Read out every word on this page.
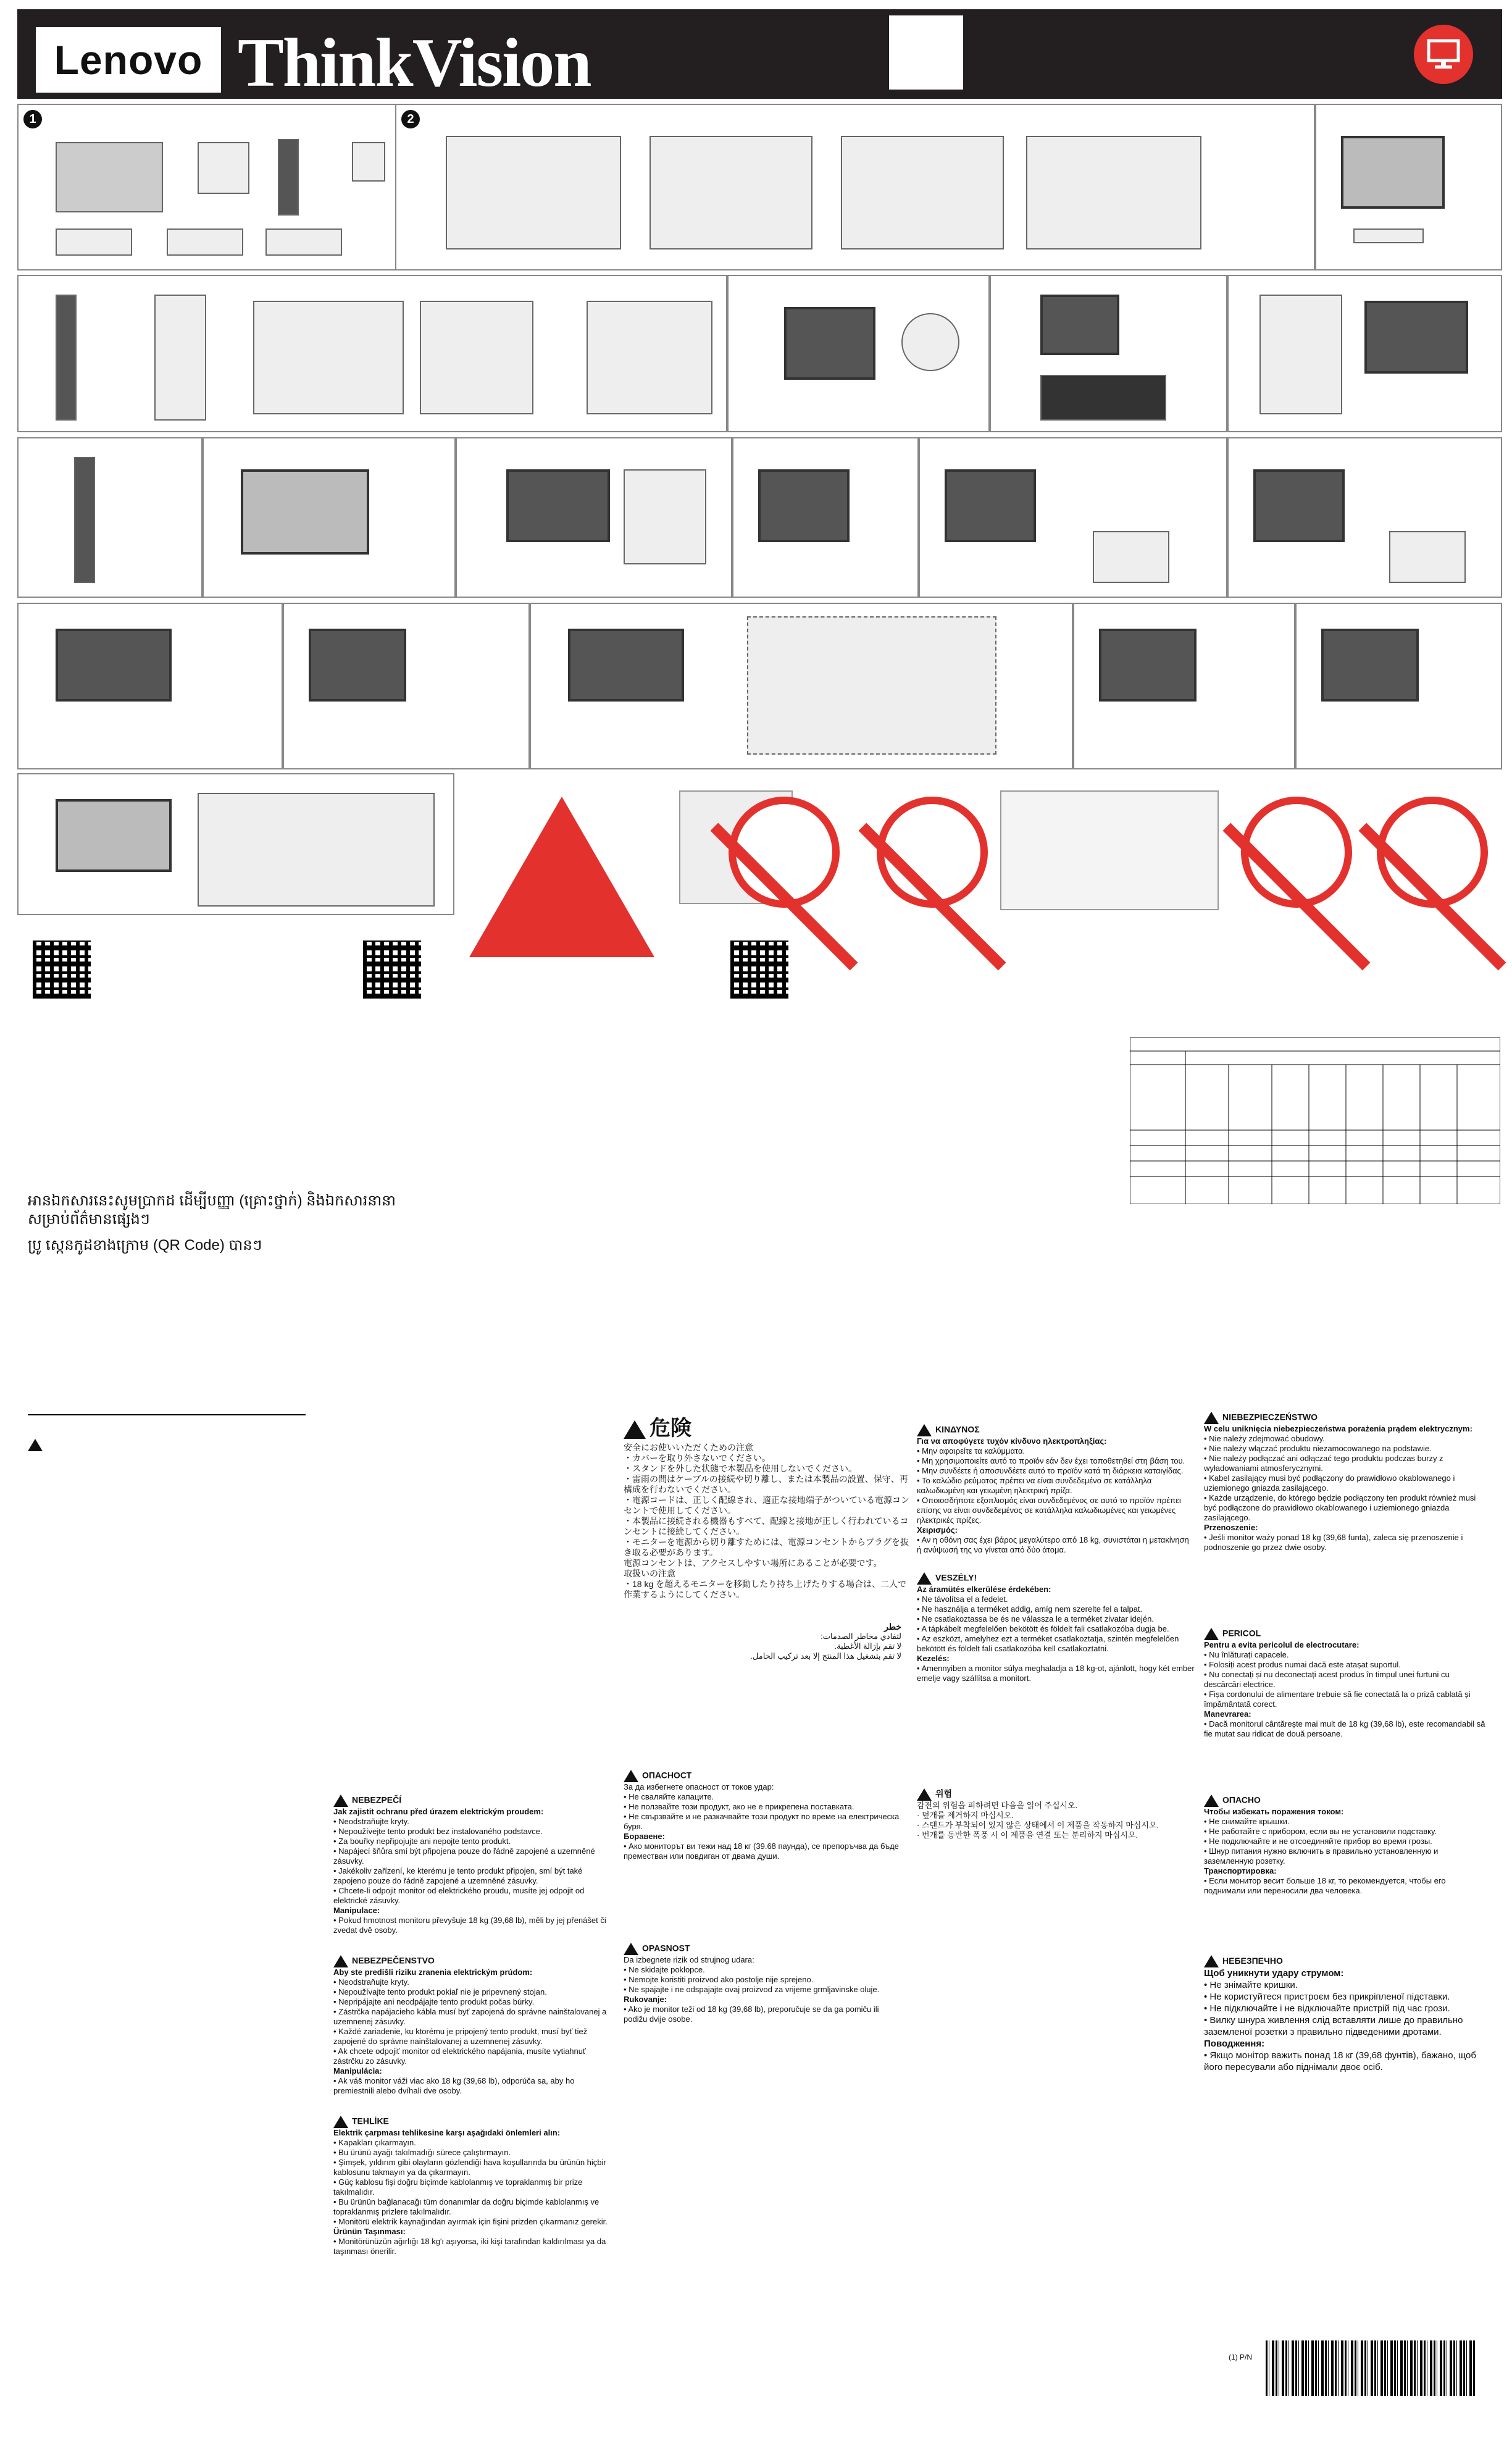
Lenovo ThinkVision
1	2
អានឯកសារនេះសូមប្រាកដ ដើម្បីបញ្ញា (គ្រោះថ្នាក់) និងឯកសារនានា
សម្រាប់ព័ត៌មានផ្សេងៗ
ប្រូ ស្កេនកូដខាងក្រោម (QR Code) បានៗ
危険
安全にお使いいただくための注意
・カバーを取り外さないでください。
・スタンドを外した状態で本製品を使用しないでください。
・雷雨の間はケーブルの接続や切り離し、または本製品の設置、保守、再構成を行わないでください。
・電源コードは、正しく配線され、適正な接地端子がついている電源コンセントで使用してください。
・本製品に接続される機器もすべて、配線と接地が正しく行われているコンセントに接続してください。
・モニターを電源から切り離すためには、電源コンセントからプラグを抜き取る必要があります。
電源コンセントは、アクセスしやすい場所にあることが必要です。
取扱いの注意
・18 kg を超えるモニターを移動したり持ち上げたりする場合は、二人で作業するようにしてください。
خطر
لتفادي مخاطر الصدمات:
لا تقم بإزالة الأغطية.
لا تقم بتشغيل هذا المنتج إلا بعد تركيب الحامل.
NEBEZPEČÍ
Jak zajistit ochranu před úrazem elektrickým proudem:
• Neodstraňujte kryty.
• Nepoužívejte tento produkt bez instalovaného podstavce.
• Za bouřky nepřipojujte ani nepojte tento produkt.
• Napájecí šňůra smí být připojena pouze do řádně zapojené a uzemněné zásuvky.
• Jakékoliv zařízení, ke kterému je tento produkt připojen, smí být také zapojeno pouze do řádně zapojené a uzemněné zásuvky.
• Chcete-li odpojit monitor od elektrického proudu, musíte jej odpojit od elektrické zásuvky.
Manipulace:
• Pokud hmotnost monitoru převyšuje 18 kg (39,68 lb), měli by jej přenášet či zvedat dvě osoby.
NEBEZPEČENSTVO
Aby ste predišli riziku zranenia elektrickým prúdom:
• Neodstraňujte kryty.
• Nepoužívajte tento produkt pokiaľ nie je pripevnený stojan.
• Nepripájajte ani neodpájajte tento produkt počas búrky.
• Zástrčka napájacieho kábla musí byť zapojená do správne nainštalovanej a uzemnenej zásuvky.
• Každé zariadenie, ku ktorému je pripojený tento produkt, musí byť tiež zapojené do správne nainštalovanej a uzemnenej zásuvky.
• Ak chcete odpojiť monitor od elektrického napájania, musíte vytiahnuť zástrčku zo zásuvky.
Manipulácia:
• Ak váš monitor váži viac ako 18 kg (39,68 lb), odporúča sa, aby ho premiestnili alebo dvíhali dve osoby.
TEHLİKE
Elektrik çarpması tehlikesine karşı aşağıdaki önlemleri alın:
• Kapakları çıkarmayın.
• Bu ürünü ayağı takılmadığı sürece çalıştırmayın.
• Şimşek, yıldırım gibi olayların gözlendiği hava koşullarında bu ürünün hiçbir kablosunu takmayın ya da çıkarmayın.
• Güç kablosu fişi doğru biçimde kablolanmış ve topraklanmış bir prize takılmalıdır.
• Bu ürünün bağlanacağı tüm donanımlar da doğru biçimde kablolanmış ve topraklanmış prizlere takılmalıdır.
• Monitörü elektrik kaynağından ayırmak için fişini prizden çıkarmanız gerekir.
Ürünün Taşınması:
• Monitörünüzün ağırlığı 18 kg'ı aşıyorsa, iki kişi tarafından kaldırılması ya da taşınması önerilir.
ОПАСНОСТ
За да избегнете опасност от токов удар:
• Не сваляйте капаците.
• Не ползвайте този продукт, ако не е прикрепена поставката.
• Не свързвайте и не разкачвайте този продукт по време на електрическа буря.
Боравене:
• Ако мониторът ви тежи над 18 кг (39.68 паунда), се препоръчва да бъде преместван или повдиган от двама души.
OPASNOST
Da izbegnete rizik od strujnog udara:
• Ne skidajte poklopce.
• Nemojte koristiti proizvod ako postolje nije sprejeno.
• Ne spajajte i ne odspajajte ovaj proizvod za vrijeme grmljavinske oluje.
Rukovanje:
• Ako je monitor teži od 18 kg (39,68 lb), preporučuje se da ga pomiču ili podižu dvije osobe.
ΚΙΝΔΥΝΟΣ
Για να αποφύγετε τυχόν κίνδυνο ηλεκτροπληξίας:
• Μην αφαιρείτε τα καλύμματα.
• Μη χρησιμοποιείτε αυτό το προϊόν εάν δεν έχει τοποθετηθεί στη βάση του.
• Μην συνδέετε ή αποσυνδέετε αυτό το προϊόν κατά τη διάρκεια καταιγίδας.
• Το καλώδιο ρεύματος πρέπει να είναι συνδεδεμένο σε κατάλληλα καλωδιωμένη και γειωμένη ηλεκτρική πρίζα.
• Οποιοσδήποτε εξοπλισμός είναι συνδεδεμένος σε αυτό το προϊόν πρέπει επίσης να είναι συνδεδεμένος σε κατάλληλα καλωδιωμένες και γειωμένες ηλεκτρικές πρίζες.
Χειρισμός:
• Αν η οθόνη σας έχει βάρος μεγαλύτερο από 18 kg, συνιστάται η μετακίνηση ή ανύψωσή της να γίνεται από δύο άτομα.
VESZÉLY!
Az áramütés elkerülése érdekében:
• Ne távolítsa el a fedelet.
• Ne használja a terméket addig, amíg nem szerelte fel a talpat.
• Ne csatlakoztassa be és ne válassza le a terméket zivatar idején.
• A tápkábelt megfelelően bekötött és földelt fali csatlakozóba dugja be.
• Az eszközt, amelyhez ezt a terméket csatlakoztatja, szintén megfelelően bekötött és földelt fali csatlakozóba kell csatlakoztatni.
Kezelés:
• Amennyiben a monitor súlya meghaladja a 18 kg-ot, ajánlott, hogy két ember emelje vagy szállítsa a monitort.
위험
감전의 위험을 피하려면 다음을 읽어 주십시오.
· 덮개를 제거하지 마십시오.
· 스탠드가 부착되어 있지 않은 상태에서 이 제품을 작동하지 마십시오.
· 번개를 동반한 폭풍 시 이 제품을 연결 또는 분리하지 마십시오.
NIEBEZPIECZEŃSTWO
W celu uniknięcia niebezpieczeństwa porażenia prądem elektrycznym:
• Nie należy zdejmować obudowy.
• Nie należy włączać produktu niezamocowanego na podstawie.
• Nie należy podłączać ani odłączać tego produktu podczas burzy z wyładowaniami atmosferycznymi.
• Kabel zasilający musi być podłączony do prawidłowo okablowanego i uziemionego gniazda zasilającego.
• Każde urządzenie, do którego będzie podłączony ten produkt również musi być podłączone do prawidłowo okablowanego i uziemionego gniazda zasilającego.
Przenoszenie:
• Jeśli monitor waży ponad 18 kg (39,68 funta), zaleca się przenoszenie i podnoszenie go przez dwie osoby.
PERICOL
Pentru a evita pericolul de electrocutare:
• Nu înlăturați capacele.
• Folosiți acest produs numai dacă este atașat suportul.
• Nu conectați și nu deconectați acest produs în timpul unei furtuni cu descărcări electrice.
• Fișa cordonului de alimentare trebuie să fie conectată la o priză cablată și împământată corect.
Manevrarea:
• Dacă monitorul cântărește mai mult de 18 kg (39,68 lb), este recomandabil să fie mutat sau ridicat de două persoane.
ОПАСНО
Чтобы избежать поражения током:
• Не снимайте крышки.
• Не работайте с прибором, если вы не установили подставку.
• Не подключайте и не отсоединяйте прибор во время грозы.
• Шнур питания нужно включить в правильно установленную и заземленную розетку.
Транспортировка:
• Если монитор весит больше 18 кг, то рекомендуется, чтобы его поднимали или переносили два человека.
НЕБЕЗПЕЧНО
Щоб уникнути удару струмом:
• Не знімайте кришки.
• Не користуйтеся пристроєм без прикріпленої підставки.
• Не підключайте і не відключайте пристрій під час грози.
• Вилку шнура живлення слід вставляти лише до правильно заземленої розетки з правильно підведеними дротами.
Поводження:
• Якщо монітор важить понад 18 кг (39,68 фунтів), бажано, щоб його пересували або піднімали двоє осіб.
(1) P/N
